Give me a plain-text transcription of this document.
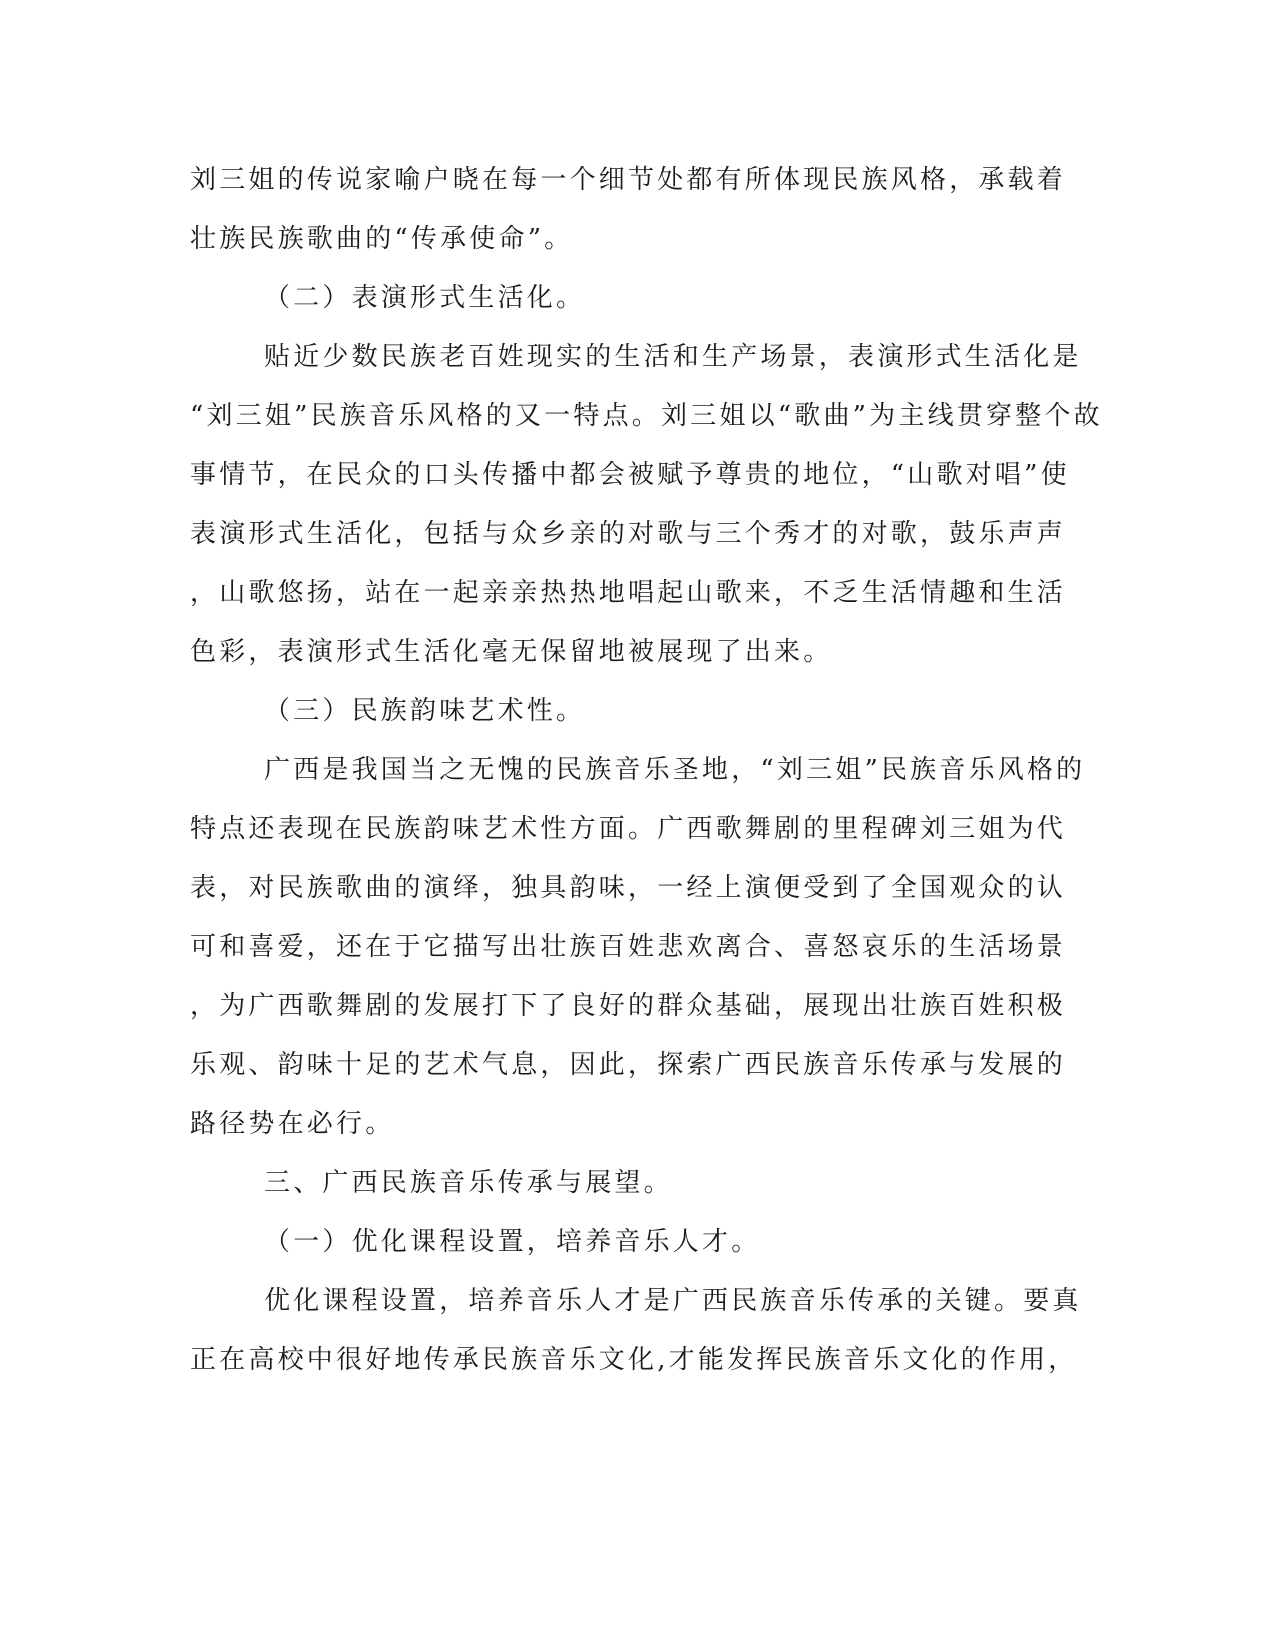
刘三姐的传说家喻户晓在每一个细节处都有所体现民族风格，承载着
壮族民族歌曲的“传承使命”。
（二）表演形式生活化。
贴近少数民族老百姓现实的生活和生产场景，表演形式生活化是
“刘三姐”民族音乐风格的又一特点。刘三姐以“歌曲”为主线贯穿整个故
事情节，在民众的口头传播中都会被赋予尊贵的地位，“山歌对唱”使
表演形式生活化，包括与众乡亲的对歌与三个秀才的对歌，鼓乐声声
，山歌悠扬，站在一起亲亲热热地唱起山歌来，不乏生活情趣和生活
色彩，表演形式生活化毫无保留地被展现了出来。
（三）民族韵味艺术性。
广西是我国当之无愧的民族音乐圣地，“刘三姐”民族音乐风格的
特点还表现在民族韵味艺术性方面。广西歌舞剧的里程碑刘三姐为代
表，对民族歌曲的演绎，独具韵味，一经上演便受到了全国观众的认
可和喜爱，还在于它描写出壮族百姓悲欢离合、喜怒哀乐的生活场景
，为广西歌舞剧的发展打下了良好的群众基础，展现出壮族百姓积极
乐观、韵味十足的艺术气息，因此，探索广西民族音乐传承与发展的
路径势在必行。
三、广西民族音乐传承与展望。
（一）优化课程设置，培养音乐人才。
优化课程设置，培养音乐人才是广西民族音乐传承的关键。要真
正在高校中很好地传承民族音乐文化,才能发挥民族音乐文化的作用，
